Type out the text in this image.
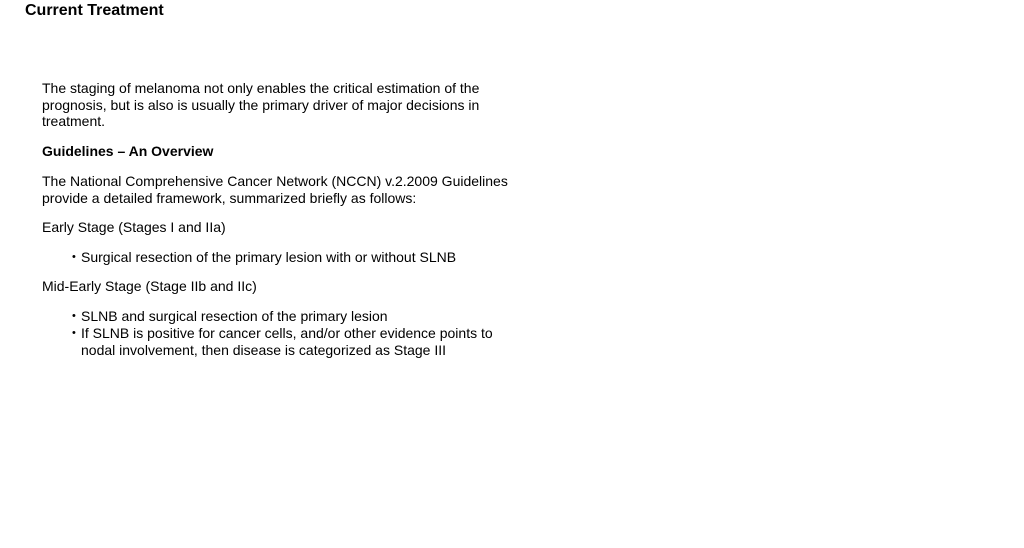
Current Treatment

The staging of melanoma not only enables the critical estimation of the prognosis, but is also is usually the primary driver of major decisions in treatment.

Guidelines – An Overview

The National Comprehensive Cancer Network (NCCN) v.2.2009 Guidelines provide a detailed framework, summarized briefly as follows:

Early Stage (Stages I and IIa)

• Surgical resection of the primary lesion with or without SLNB

Mid-Early Stage (Stage IIb and IIc)

• SLNB and surgical resection of the primary lesion
• If SLNB is positive for cancer cells, and/or other evidence points to nodal involvement, then disease is categorized as Stage III
